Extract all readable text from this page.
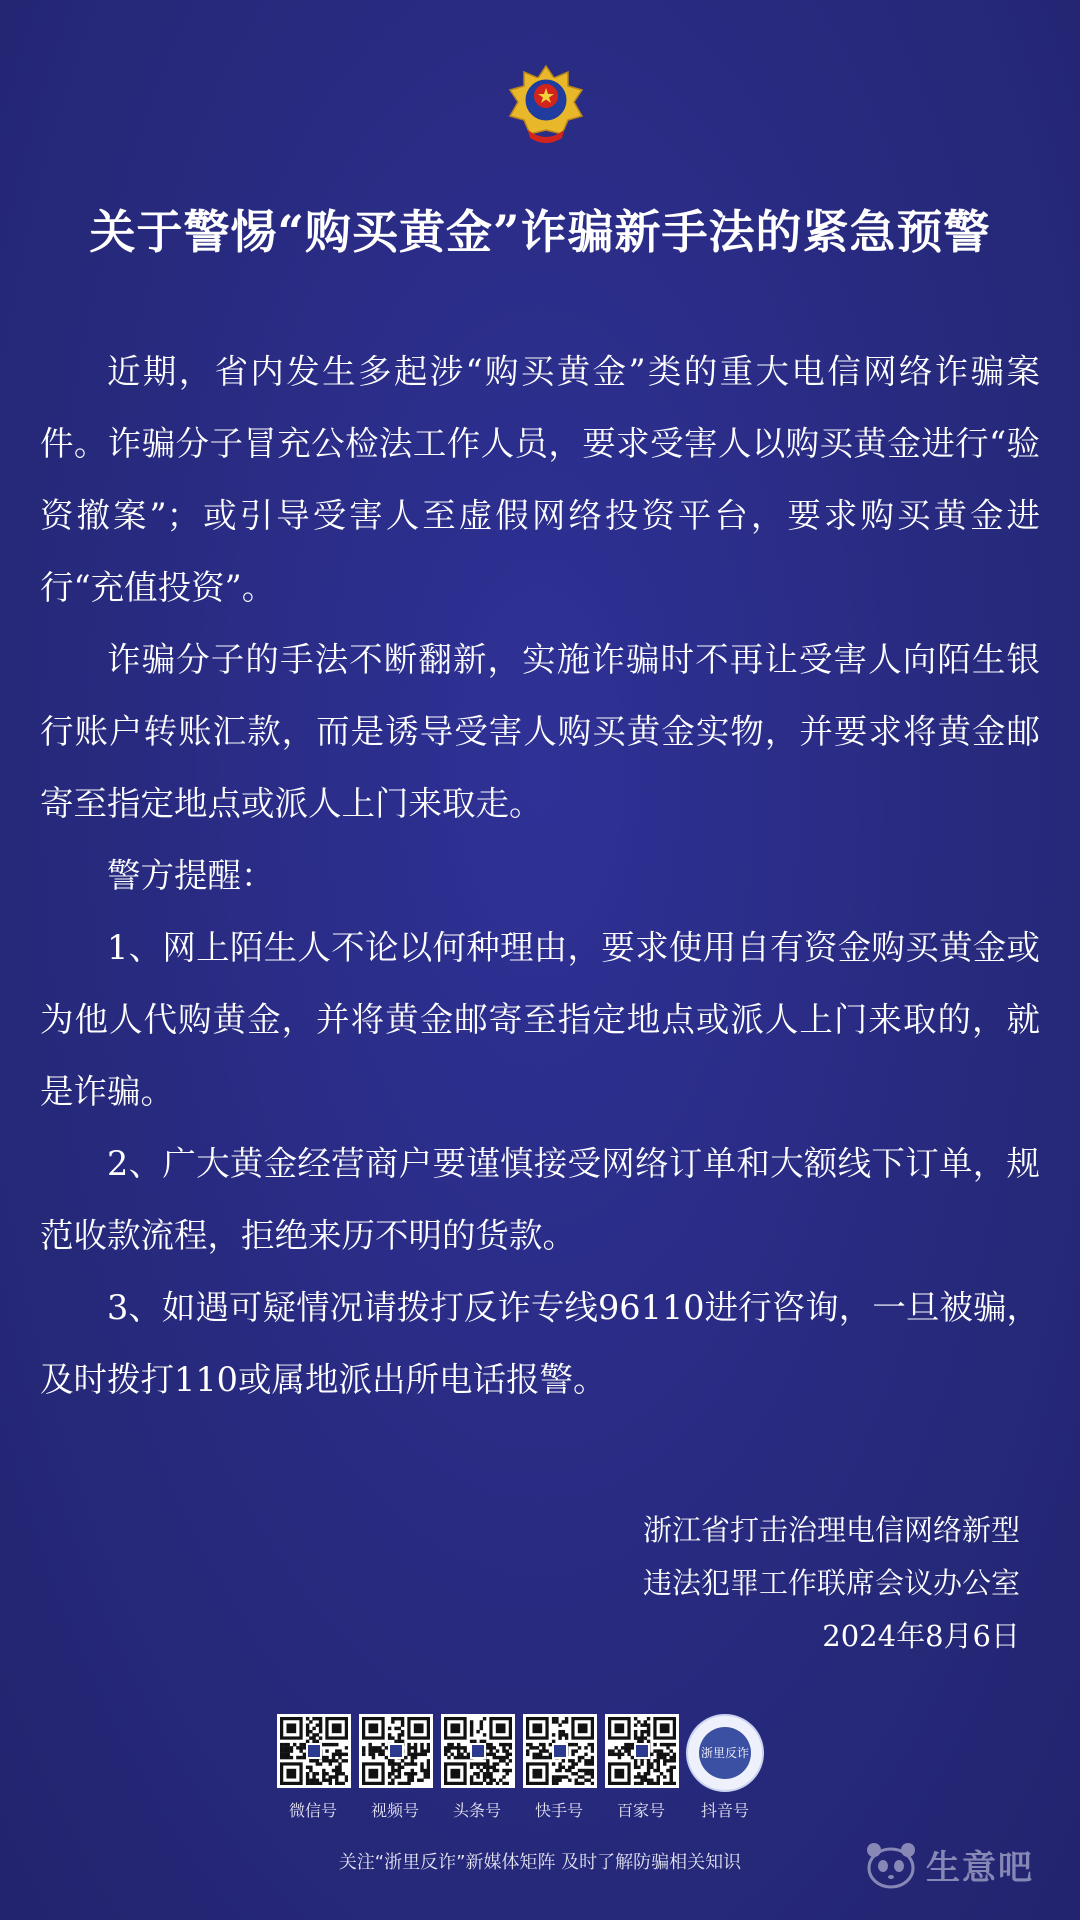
关于警惕“购买黄金”诈骗新手法的紧急预警

近期，省内发生多起涉“购买黄金”类的重大电信网络诈骗案件。诈骗分子冒充公检法工作人员，要求受害人以购买黄金进行“验资撤案”；或引导受害人至虚假网络投资平台，要求购买黄金进行“充值投资”。

诈骗分子的手法不断翻新，实施诈骗时不再让受害人向陌生银行账户转账汇款，而是诱导受害人购买黄金实物，并要求将黄金邮寄至指定地点或派人上门来取走。

警方提醒：

1、网上陌生人不论以何种理由，要求使用自有资金购买黄金或为他人代购黄金，并将黄金邮寄至指定地点或派人上门来取的，就是诈骗。

2、广大黄金经营商户要谨慎接受网络订单和大额线下订单，规范收款流程，拒绝来历不明的货款。

3、如遇可疑情况请拨打反诈专线96110进行咨询，一旦被骗，及时拨打110或属地派出所电话报警。

浙江省打击治理电信网络新型
违法犯罪工作联席会议办公室
2024年8月6日
微信号	视频号	头条号	快手号	百家号
浙里反诈
抖音号
关注“浙里反诈”新媒体矩阵 及时了解防骗相关知识	生意吧
